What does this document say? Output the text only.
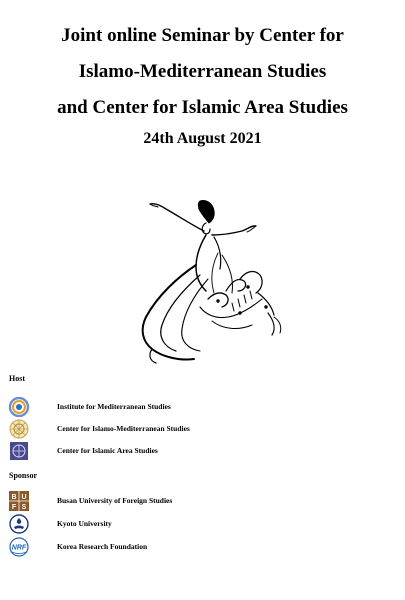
Joint online Seminar by Center for
Islamo-Mediterranean Studies
and Center for Islamic Area Studies
24th August 2021
Host
Institute for Mediterranean Studies
Center for Islamo-Mediterranean Studies
Center for Islamic Area Studies
Sponsor
B U
F S
Busan University of Foreign Studies
Kyoto University
NRF	Korea Research Foundation
